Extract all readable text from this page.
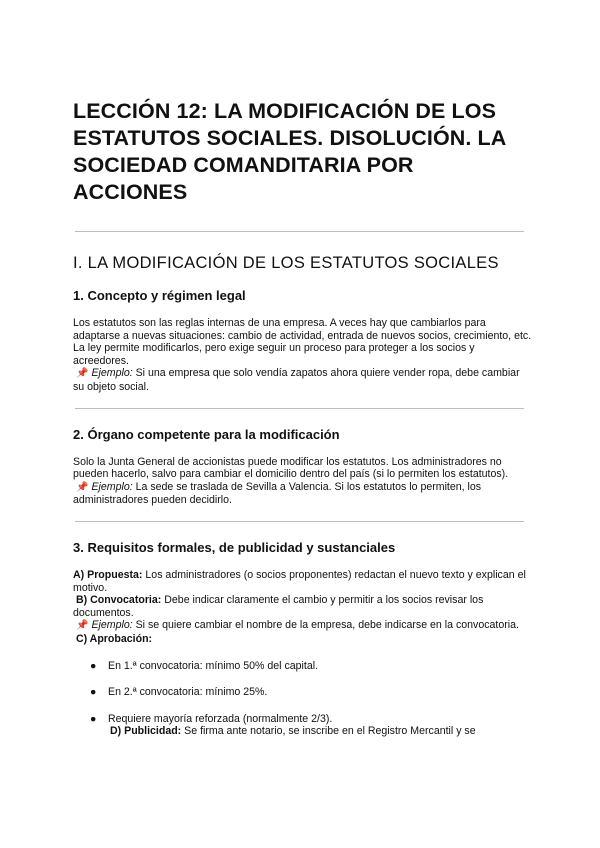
LECCIÓN 12: LA MODIFICACIÓN DE LOS ESTATUTOS SOCIALES. DISOLUCIÓN. LA SOCIEDAD COMANDITARIA POR ACCIONES
I. LA MODIFICACIÓN DE LOS ESTATUTOS SOCIALES
1. Concepto y régimen legal

Los estatutos son las reglas internas de una empresa. A veces hay que cambiarlos para adaptarse a nuevas situaciones: cambio de actividad, entrada de nuevos socios, crecimiento, etc. La ley permite modificarlos, pero exige seguir un proceso para proteger a los socios y acreedores.

📌 Ejemplo: Si una empresa que solo vendía zapatos ahora quiere vender ropa, debe cambiar su objeto social.

2. Órgano competente para la modificación

Solo la Junta General de accionistas puede modificar los estatutos. Los administradores no pueden hacerlo, salvo para cambiar el domicilio dentro del país (si lo permiten los estatutos).

📌 Ejemplo: La sede se traslada de Sevilla a Valencia. Si los estatutos lo permiten, los administradores pueden decidirlo.

3. Requisitos formales, de publicidad y sustanciales

A) Propuesta: Los administradores (o socios proponentes) redactan el nuevo texto y explican el motivo.

B) Convocatoria: Debe indicar claramente el cambio y permitir a los socios revisar los documentos.

📌 Ejemplo: Si se quiere cambiar el nombre de la empresa, debe indicarse en la convocatoria.

C) Aprobación:

● En 1.ª convocatoria: mínimo 50% del capital.
● En 2.ª convocatoria: mínimo 25%.
● Requiere mayoría reforzada (normalmente 2/3).

D) Publicidad: Se firma ante notario, se inscribe en el Registro Mercantil y se
